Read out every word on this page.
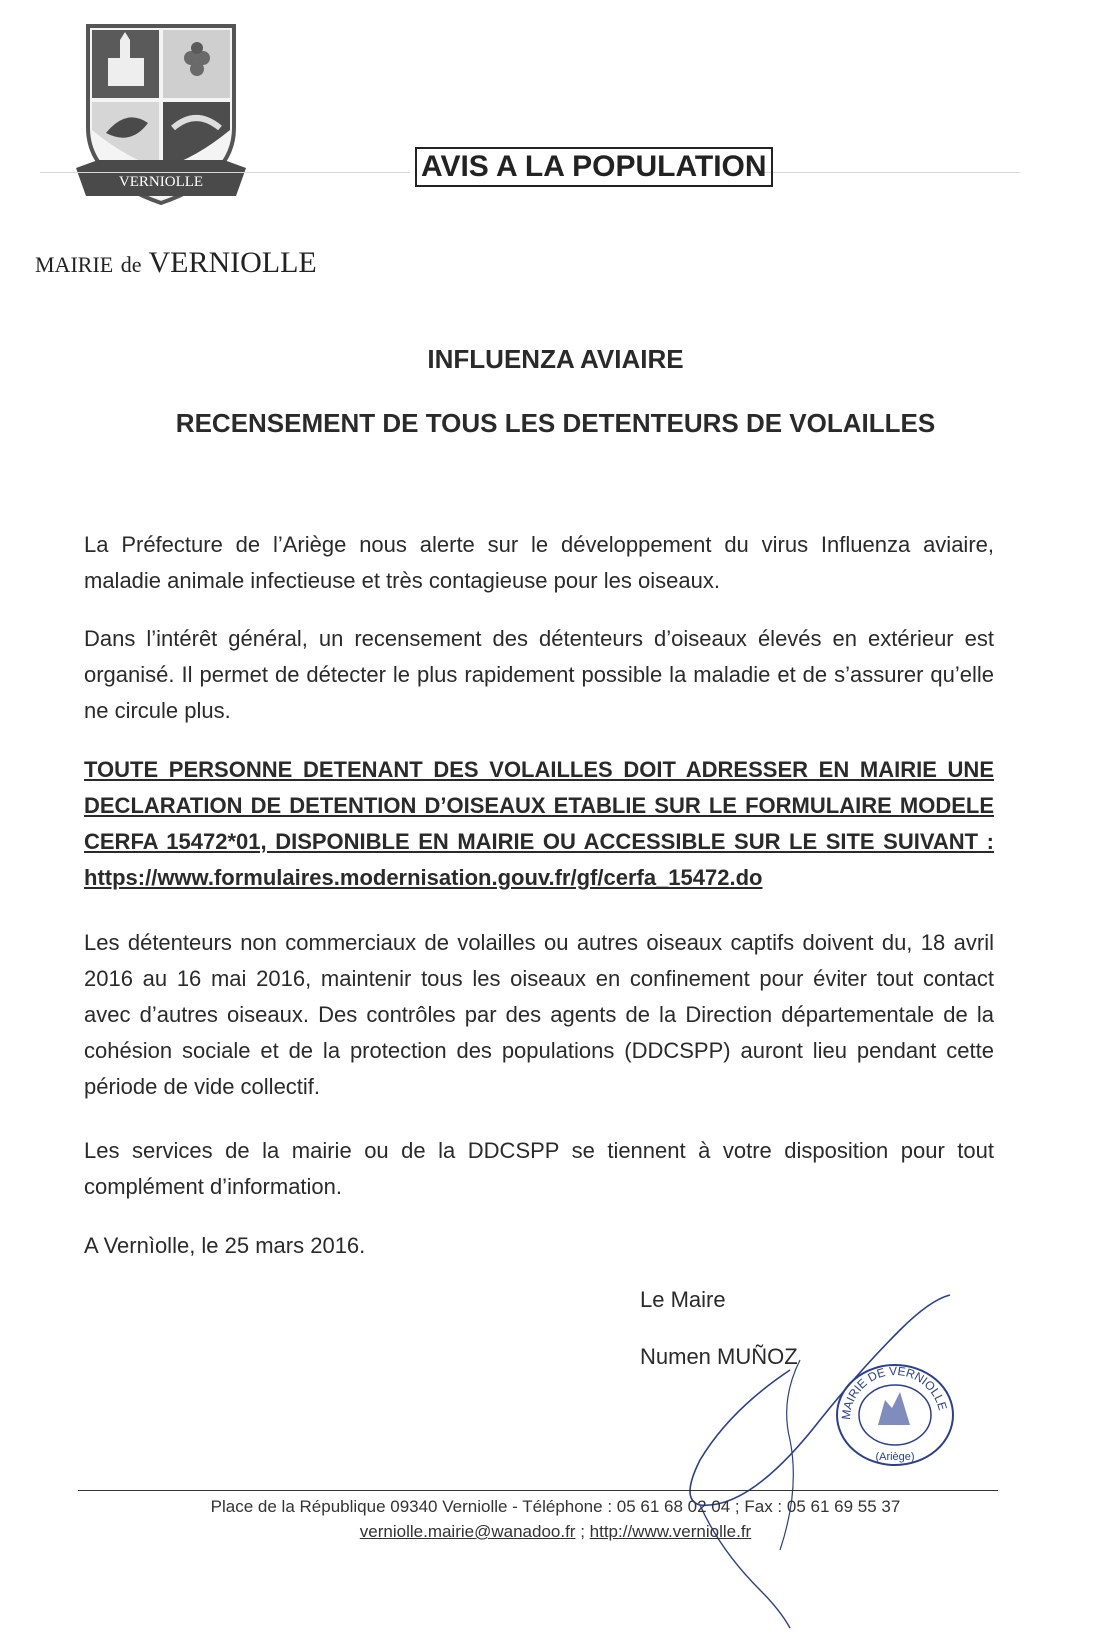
VERNIOLLE
MAIRIE de VERNIOLLE
AVIS A LA POPULATION
INFLUENZA AVIAIRE
RECENSEMENT DE TOUS LES DETENTEURS DE VOLAILLES
La Préfecture de l’Ariège nous alerte sur le développement du virus Influenza aviaire, maladie animale infectieuse et très contagieuse pour les oiseaux.
Dans l’intérêt général, un recensement des détenteurs d’oiseaux élevés en extérieur est organisé. Il permet de détecter le plus rapidement possible la maladie et de s’assurer qu’elle ne circule plus.
TOUTE PERSONNE DETENANT DES VOLAILLES DOIT ADRESSER EN MAIRIE UNE DECLARATION DE DETENTION D’OISEAUX ETABLIE SUR LE FORMULAIRE MODELE CERFA 15472*01, DISPONIBLE EN MAIRIE OU ACCESSIBLE SUR LE SITE SUIVANT : https://www.formulaires.modernisation.gouv.fr/gf/cerfa_15472.do
Les détenteurs non commerciaux de volailles ou autres oiseaux captifs doivent du, 18 avril 2016 au 16 mai 2016, maintenir tous les oiseaux en confinement pour éviter tout contact avec d’autres oiseaux. Des contrôles par des agents de la Direction départementale de la cohésion sociale et de la protection des populations (DDCSPP) auront lieu pendant cette période de vide collectif.
Les services de la mairie ou de la DDCSPP se tiennent à votre disposition pour tout complément d’information.
A Vernìolle, le 25 mars 2016.
Le Maire
Numen MUÑOZ
MAIRIE DE VERNIOLLE
(Ariège)
Place de la République 09340 Verniolle - Téléphone : 05 61 68 02 04 ; Fax : 05 61 69 55 37
verniolle.mairie@wanadoo.fr ; http://www.verniolle.fr
